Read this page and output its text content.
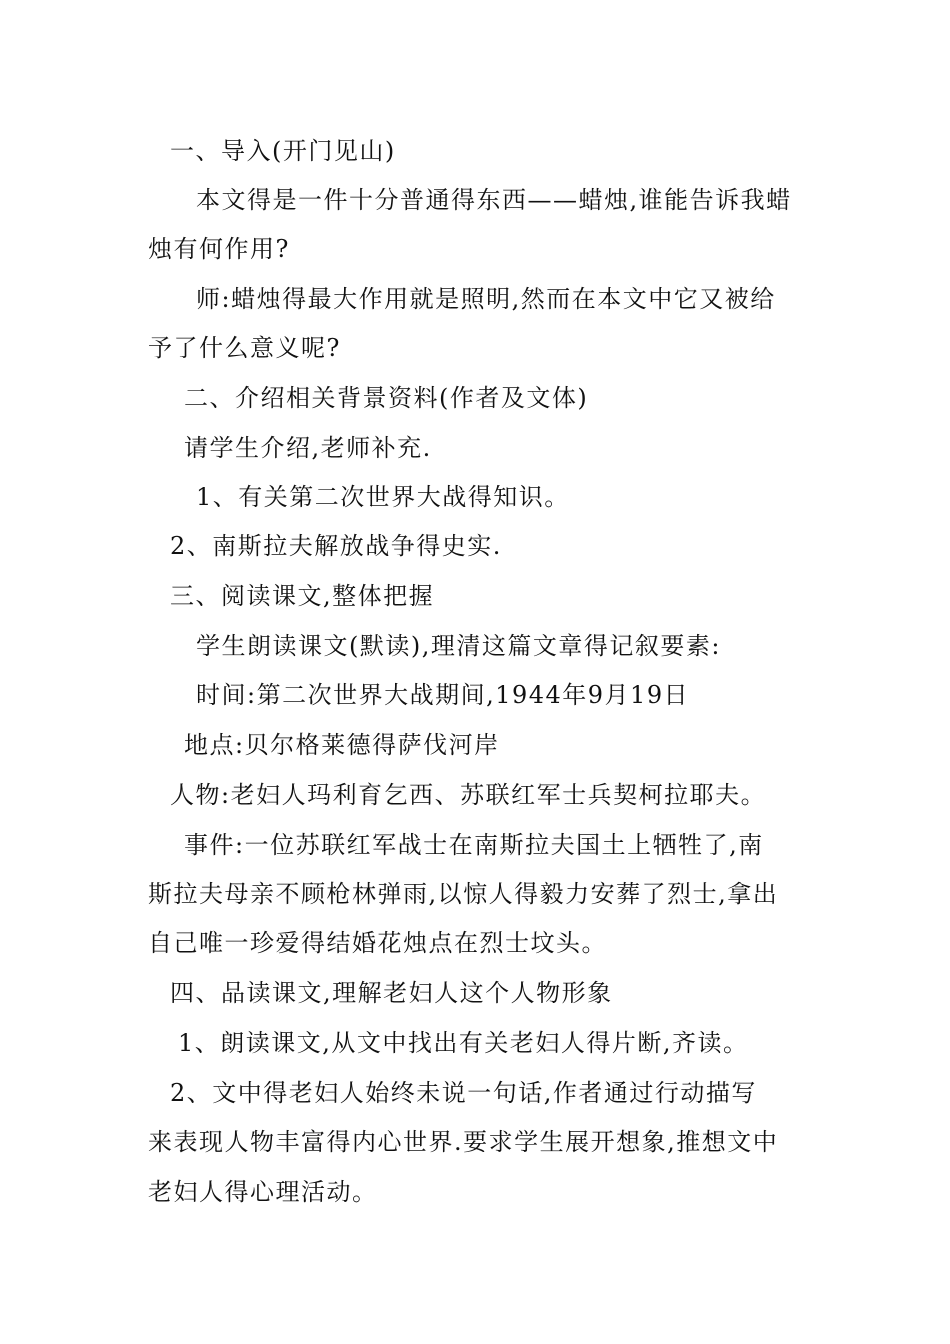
一、导入(开门见山)
本文得是一件十分普通得东西——蜡烛,谁能告诉我蜡
烛有何作用?
师:蜡烛得最大作用就是照明,然而在本文中它又被给
予了什么意义呢?
二、介绍相关背景资料(作者及文体)
请学生介绍,老师补充.
1、有关第二次世界大战得知识。
2、南斯拉夫解放战争得史实.
三、阅读课文,整体把握
学生朗读课文(默读),理清这篇文章得记叙要素:
时间:第二次世界大战期间,1944年9月19日
地点:贝尔格莱德得萨伐河岸
人物:老妇人玛利育乞西、苏联红军士兵契柯拉耶夫。
事件:一位苏联红军战士在南斯拉夫国土上牺牲了,南
斯拉夫母亲不顾枪林弹雨,以惊人得毅力安葬了烈士,拿出
自己唯一珍爱得结婚花烛点在烈士坟头。
四、品读课文,理解老妇人这个人物形象
1、朗读课文,从文中找出有关老妇人得片断,齐读。
2、文中得老妇人始终未说一句话,作者通过行动描写
来表现人物丰富得内心世界.要求学生展开想象,推想文中
老妇人得心理活动。
